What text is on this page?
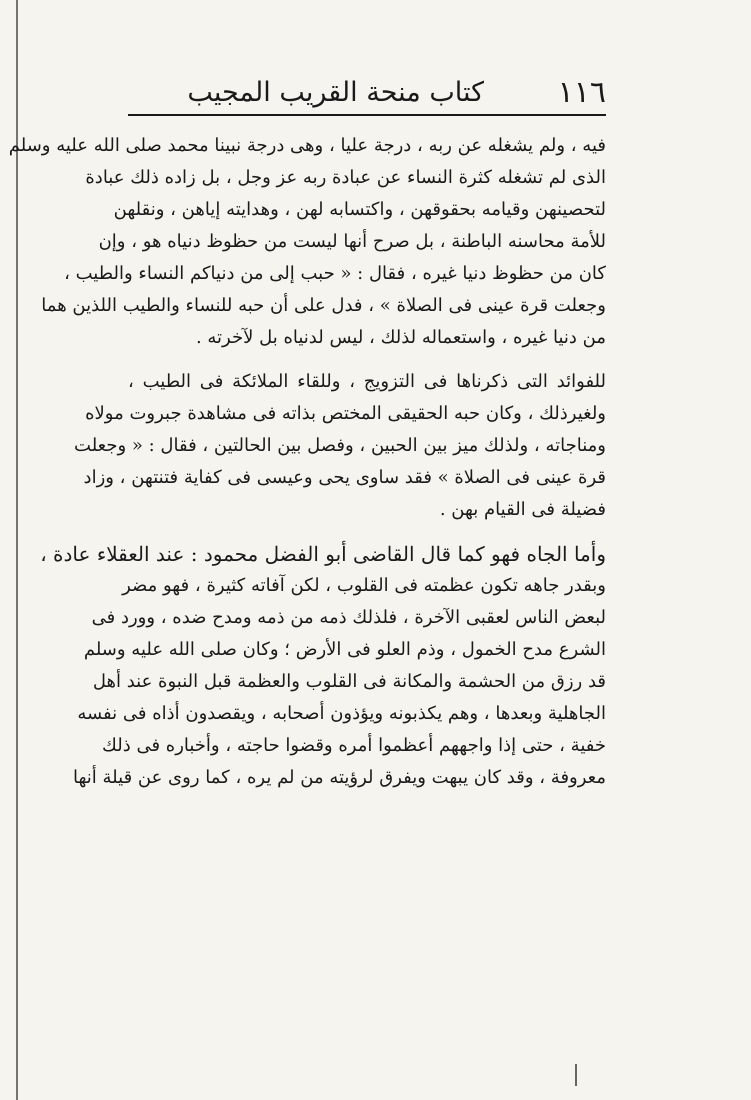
١١٦
كتاب منحة القريب المجيب
فيه ، ولم يشغله عن ربه ، درجة عليا ، وهى درجة نبينا محمد صلى الله عليه وسلم
الذى لم تشغله كثرة النساء عن عبادة ربه عز وجل ، بل زاده ذلك عبادة
لتحصينهن وقيامه بحقوقهن ، واكتسابه لهن ، وهدايته إياهن ، ونقلهن
للأمة محاسنه الباطنة ، بل صرح أنها ليست من حظوظ دنياه هو ، وإن
كان من حظوظ دنيا غيره ، فقال : « حبب إلى من دنياكم النساء والطيب ،
وجعلت قرة عينى فى الصلاة » ، فدل على أن حبه للنساء والطيب اللذين هما
من دنيا غيره ، واستعماله لذلك ، ليس لدنياه بل لآخرته .
للفوائد التى ذكرناها فى التزويج ، وللقاء الملائكة فى الطيب ،
ولغيرذلك ، وكان حبه الحقيقى المختص بذاته فى مشاهدة جبروت مولاه
ومناجاته ، ولذلك ميز بين الحبين ، وفصل بين الحالتين ، فقال : « وجعلت
قرة عينى فى الصلاة » فقد ساوى يحى وعيسى فى كفاية فتنتهن ، وزاد
فضيلة فى القيام بهن .
وأما الجاه فهو كما قال القاضى أبو الفضل محمود : عند العقلاء عادة ،
وبقدر جاهه تكون عظمته فى القلوب ، لكن آفاته كثيرة ، فهو مضر
لبعض الناس لعقبى الآخرة ، فلذلك ذمه من ذمه ومدح ضده ، وورد فى
الشرع مدح الخمول ، وذم العلو فى الأرض ؛ وكان صلى الله عليه وسلم
قد رزق من الحشمة والمكانة فى القلوب والعظمة قبل النبوة عند أهل
الجاهلية وبعدها ، وهم يكذبونه ويؤذون أصحابه ، ويقصدون أذاه فى نفسه
خفية ، حتى إذا واجههم أعظموا أمره وقضوا حاجته ، وأخباره فى ذلك
معروفة ، وقد كان يبهت ويفرق لرؤيته من لم يره ، كما روى عن قيلة أنها
